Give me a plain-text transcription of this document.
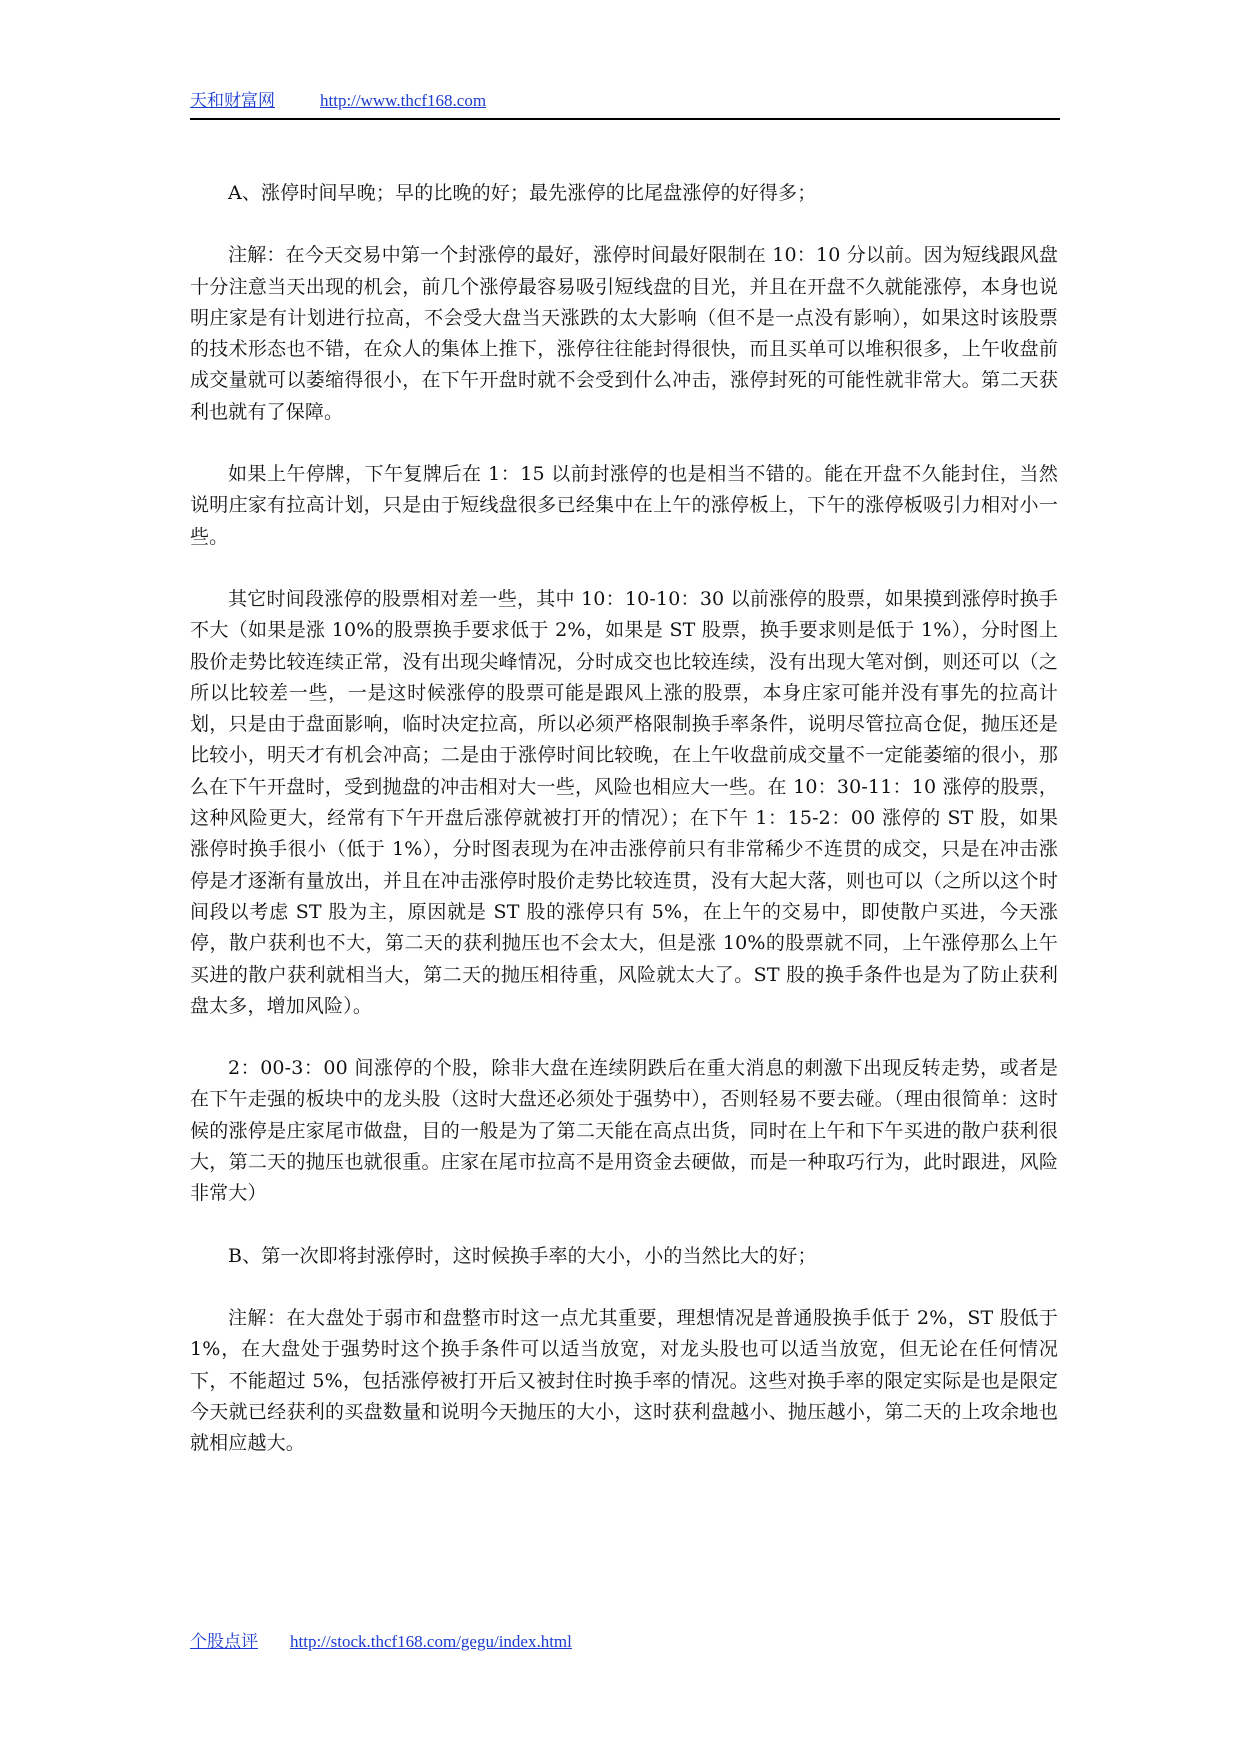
天和财富网	http://www.thcf168.com

A、涨停时间早晚；早的比晚的好；最先涨停的比尾盘涨停的好得多；

注解：在今天交易中第一个封涨停的最好，涨停时间最好限制在 10：10 分以前。因为短线跟风盘十分注意当天出现的机会，前几个涨停最容易吸引短线盘的目光，并且在开盘不久就能涨停，本身也说明庄家是有计划进行拉高，不会受大盘当天涨跌的太大影响（但不是一点没有影响），如果这时该股票的技术形态也不错，在众人的集体上推下，涨停往往能封得很快，而且买单可以堆积很多，上午收盘前成交量就可以萎缩得很小，在下午开盘时就不会受到什么冲击，涨停封死的可能性就非常大。第二天获利也就有了保障。

如果上午停牌，下午复牌后在 1：15 以前封涨停的也是相当不错的。能在开盘不久能封住，当然说明庄家有拉高计划，只是由于短线盘很多已经集中在上午的涨停板上，下午的涨停板吸引力相对小一些。

其它时间段涨停的股票相对差一些，其中 10：10-10：30 以前涨停的股票，如果摸到涨停时换手不大（如果是涨 10%的股票换手要求低于 2%，如果是 ST 股票，换手要求则是低于 1%），分时图上股价走势比较连续正常，没有出现尖峰情况，分时成交也比较连续，没有出现大笔对倒，则还可以（之所以比较差一些，一是这时候涨停的股票可能是跟风上涨的股票，本身庄家可能并没有事先的拉高计划，只是由于盘面影响，临时决定拉高，所以必须严格限制换手率条件，说明尽管拉高仓促，抛压还是比较小，明天才有机会冲高；二是由于涨停时间比较晚，在上午收盘前成交量不一定能萎缩的很小，那么在下午开盘时，受到抛盘的冲击相对大一些，风险也相应大一些。在 10：30-11：10 涨停的股票，这种风险更大，经常有下午开盘后涨停就被打开的情况）；在下午 1：15-2：00 涨停的 ST 股，如果涨停时换手很小（低于 1%），分时图表现为在冲击涨停前只有非常稀少不连贯的成交，只是在冲击涨停是才逐渐有量放出，并且在冲击涨停时股价走势比较连贯，没有大起大落，则也可以（之所以这个时间段以考虑 ST 股为主，原因就是 ST 股的涨停只有 5%，在上午的交易中，即使散户买进，今天涨停，散户获利也不大，第二天的获利抛压也不会太大，但是涨 10%的股票就不同，上午涨停那么上午买进的散户获利就相当大，第二天的抛压相待重，风险就太大了。ST 股的换手条件也是为了防止获利盘太多，增加风险）。

2：00-3：00 间涨停的个股，除非大盘在连续阴跌后在重大消息的刺激下出现反转走势，或者是在下午走强的板块中的龙头股（这时大盘还必须处于强势中），否则轻易不要去碰。（理由很简单：这时候的涨停是庄家尾市做盘，目的一般是为了第二天能在高点出货，同时在上午和下午买进的散户获利很大，第二天的抛压也就很重。庄家在尾市拉高不是用资金去硬做，而是一种取巧行为，此时跟进，风险非常大）

B、第一次即将封涨停时，这时候换手率的大小，小的当然比大的好；

注解：在大盘处于弱市和盘整市时这一点尤其重要，理想情况是普通股换手低于 2%，ST 股低于 1%，在大盘处于强势时这个换手条件可以适当放宽，对龙头股也可以适当放宽，但无论在任何情况下，不能超过 5%，包括涨停被打开后又被封住时换手率的情况。这些对换手率的限定实际是也是限定今天就已经获利的买盘数量和说明今天抛压的大小，这时获利盘越小、抛压越小，第二天的上攻余地也就相应越大。

个股点评 http://stock.thcf168.com/gegu/index.html
